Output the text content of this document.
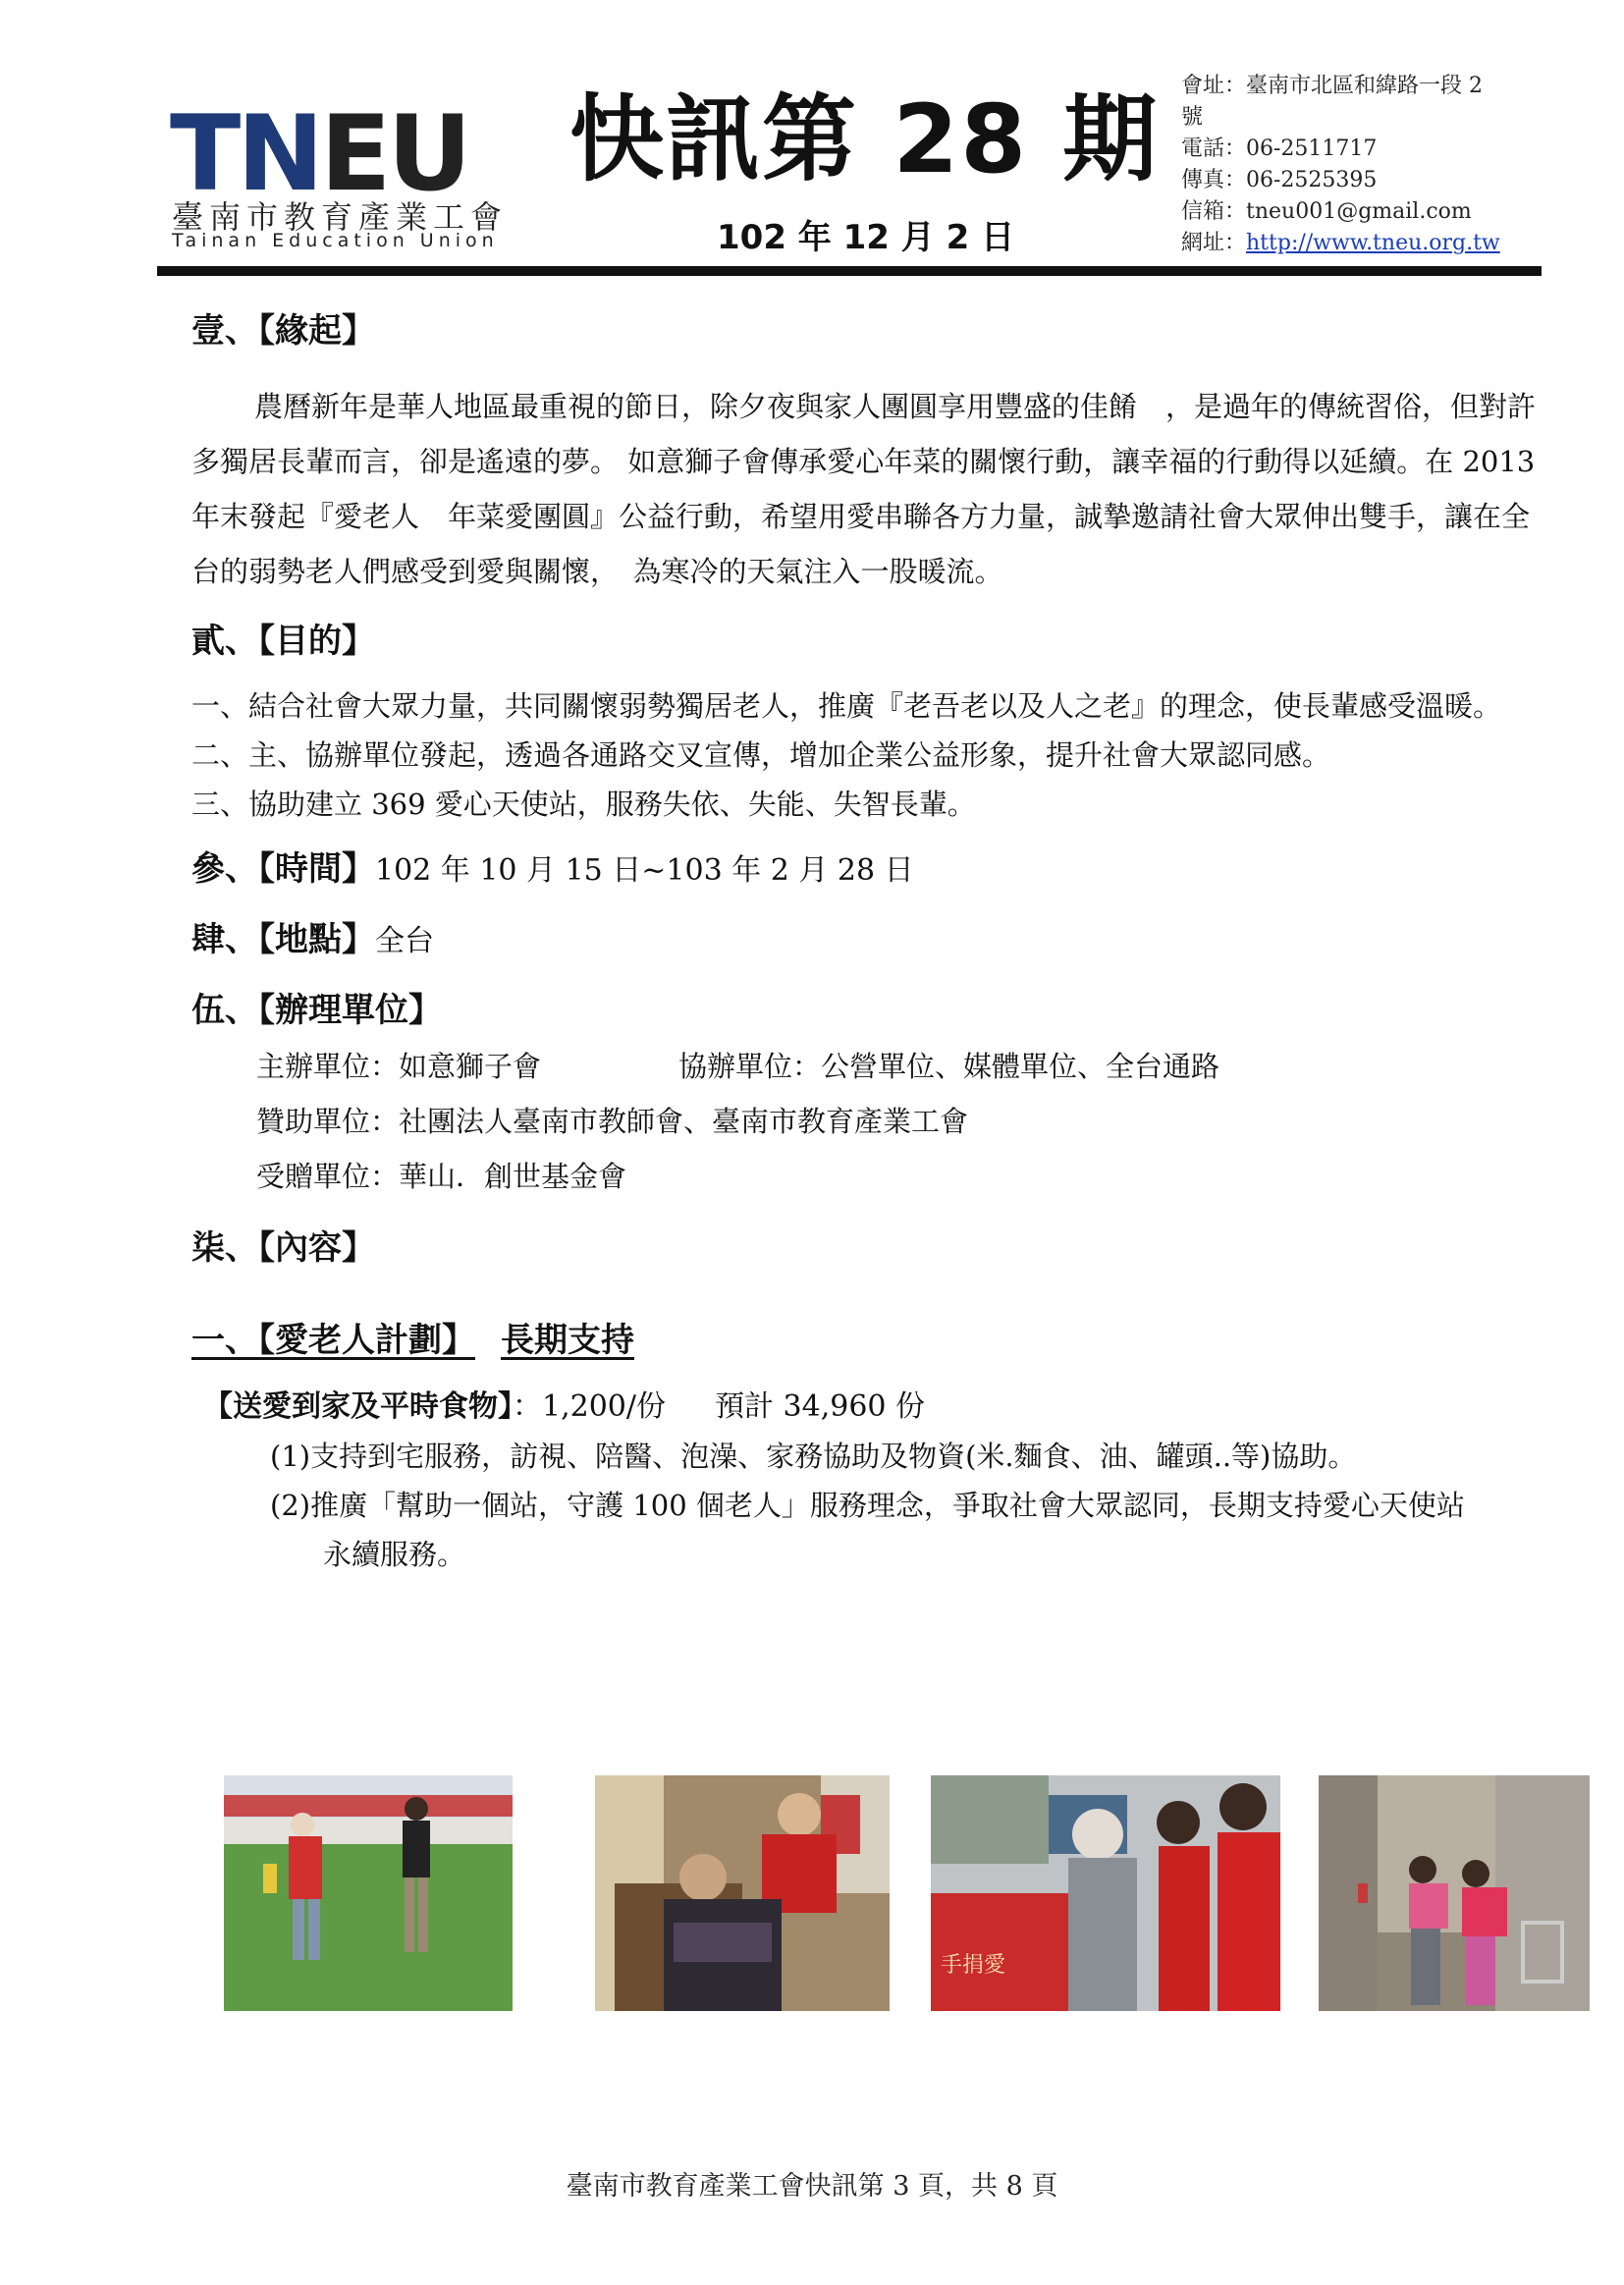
TNEU
臺南市教育產業工會
Tainan Education Union
快訊第 28 期
102 年 12 月 2 日
會址：臺南市北區和緯路一段 2
號
電話：06-2511717
傳真：06-2525395
信箱：tneu001@gmail.com
網址：http://www.tneu.org.tw
壹、【緣起】

農曆新年是華人地區最重視的節日，除夕夜與家人團圓享用豐盛的佳餚　，是過年的傳統習俗，但對許多獨居長輩而言，卻是遙遠的夢。 如意獅子會傳承愛心年菜的關懷行動，讓幸福的行動得以延續。在 2013 年末發起『愛老人　年菜愛團圓』公益行動，希望用愛串聯各方力量，誠摯邀請社會大眾伸出雙手，讓在全台的弱勢老人們感受到愛與關懷，　為寒冷的天氣注入一股暖流。

貳、【目的】

一、結合社會大眾力量，共同關懷弱勢獨居老人，推廣『老吾老以及人之老』的理念，使長輩感受溫暖。

二、主、協辦單位發起，透過各通路交叉宣傳，增加企業公益形象，提升社會大眾認同感。
三、協助建立 369 愛心天使站，服務失依、失能、失智長輩。
參、【時間】102 年 10 月 15 日~103 年 2 月 28 日
肆、【地點】全台
伍、【辦理單位】
主辦單位：如意獅子會	協辦單位：公營單位、媒體單位、全台通路
贊助單位：社團法人臺南市教師會、臺南市教育產業工會
受贈單位：華山．創世基金會
柒、【內容】
一、【愛老人計劃】 長期支持
【送愛到家及平時食物】：1,200/份 預計 34,960 份
(1)支持到宅服務，訪視、陪醫、泡澡、家務協助及物資(米.麵食、油、罐頭..等)協助。

(2)推廣「幫助一個站，守護 100 個老人」服務理念，爭取社會大眾認同，長期支持愛心天使站

永續服務。
手捐愛
臺南市教育產業工會快訊第 3 頁，共 8 頁
